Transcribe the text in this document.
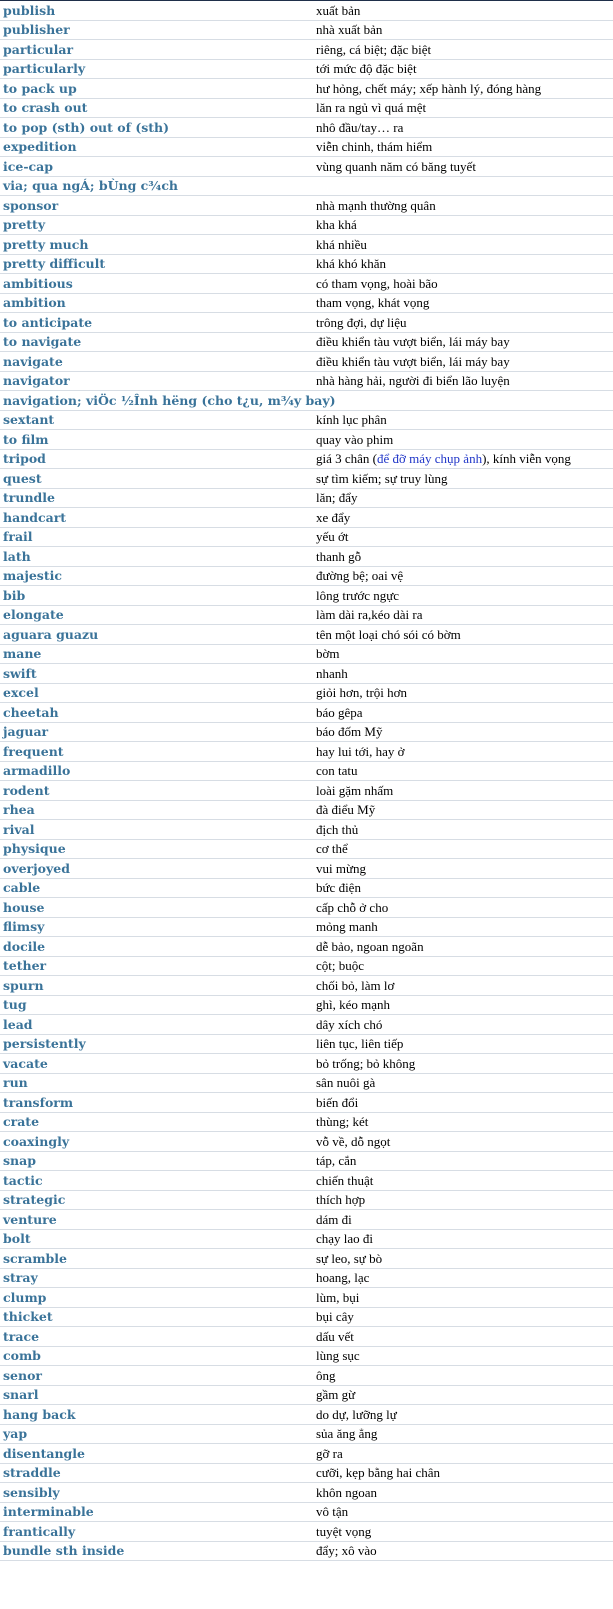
publish	xuất bản
publisher	nhà xuất bản
particular	riêng, cá biệt; đặc biệt
particularly	tới mức độ đặc biệt
to pack up	hư hỏng, chết máy; xếp hành lý, đóng hàng
to crash out	lăn ra ngủ vì quá mệt
to pop (sth) out of (sth)	nhô đầu/tay… ra
expedition	viễn chinh, thám hiểm
ice-cap	vùng quanh năm có băng tuyết
via; qua ngÁ; bÙng c¾ch	
sponsor	nhà mạnh thường quân
pretty	kha khá
pretty much	khá nhiều
pretty difficult	khá khó khăn
ambitious	có tham vọng, hoài bão
ambition	tham vọng, khát vọng
to anticipate	trông đợi, dự liệu
to navigate	điều khiển tàu vượt biển, lái máy bay
navigate	điều khiển tàu vượt biển, lái máy bay
navigator	nhà hàng hải, người đi biển lão luyện
navigation; viÖc ½Înh hëng (cho t¿u, m¾y bay)	
sextant	kính lục phân
to film	quay vào phim
tripod	giá 3 chân (để đỡ máy chụp ảnh), kính viễn vọng
quest	sự tìm kiếm; sự truy lùng
trundle	lăn; đẩy
handcart	xe đẩy
frail	yếu ớt
lath	thanh gỗ
majestic	đường bệ; oai vệ
bib	lông trước ngực
elongate	làm dài ra,kéo dài ra
aguara guazu	tên một loại chó sói có bờm
mane	bờm
swift	nhanh
excel	giỏi hơn, trội hơn
cheetah	báo gêpa
jaguar	báo đốm Mỹ
frequent	hay lui tới, hay ở
armadillo	con tatu
rodent	loài gặm nhấm
rhea	đà điểu Mỹ
rival	địch thủ
physique	cơ thể
overjoyed	vui mừng
cable	bức điện
house	cấp chỗ ở cho
flimsy	mỏng manh
docile	dễ bảo, ngoan ngoãn
tether	cột; buộc
spurn	chối bỏ, làm lơ
tug	ghì, kéo mạnh
lead	dây xích chó
persistently	liên tục, liên tiếp
vacate	bỏ trống; bỏ không
run	sân nuôi gà
transform	biến đổi
crate	thùng; két
coaxingly	vỗ về, dỗ ngọt
snap	táp, cắn
tactic	chiến thuật
strategic	thích hợp
venture	dám đi
bolt	chạy lao đi
scramble	sự leo, sự bò
stray	hoang, lạc
clump	lùm, bụi
thicket	bụi cây
trace	dấu vết
comb	lùng sục
senor	ông
snarl	gầm gừ
hang back	do dự, lưỡng lự
yap	sủa ăng ẳng
disentangle	gỡ ra
straddle	cưỡi, kẹp bằng hai chân
sensibly	khôn ngoan
interminable	vô tận
frantically	tuyệt vọng
bundle sth inside	đẩy; xô vào
